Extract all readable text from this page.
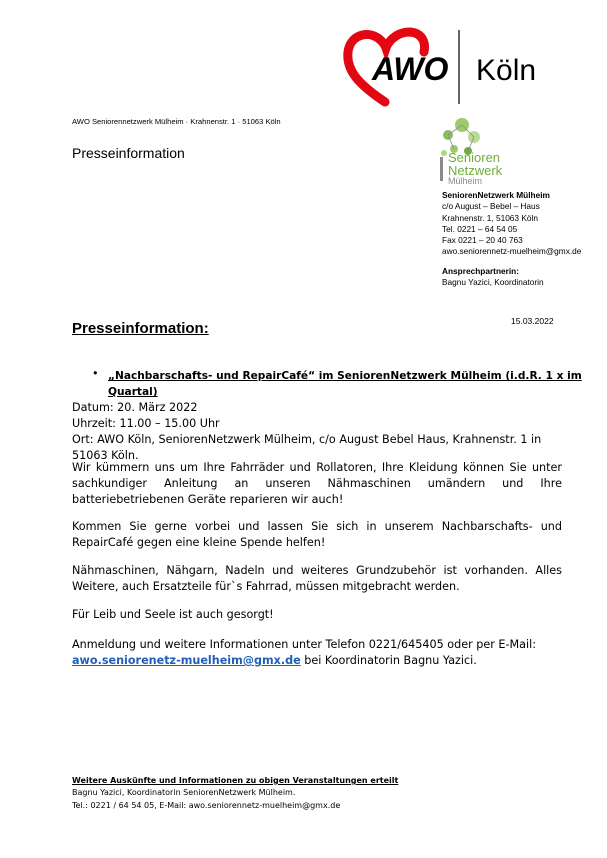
AWO Köln
AWO Seniorennetzwerk Mülheim · Krahnenstr. 1 · 51063 Köln
Presseinformation	Senioren
Netzwerk
Mülheim
SeniorenNetzwerk Mülheim
c/o August – Bebel – Haus
Krahnenstr. 1, 51063 Köln
Tel. 0221 – 64 54 05
Fax 0221 – 20 40 763
awo.seniorennetz-muelheim@gmx.de
Ansprechpartnerin:
Bagnu Yazici, Koordinatorin
15.03.2022
Presseinformation:
• „Nachbarschafts- und RepairCafé“ im SeniorenNetzwerk Mülheim (i.d.R. 1 x im Quartal)
Datum: 20. März 2022
Uhrzeit: 11.00 – 15.00 Uhr
Ort: AWO Köln, SeniorenNetzwerk Mülheim, c/o August Bebel Haus, Krahnenstr. 1 in 51063 Köln.
Wir kümmern uns um Ihre Fahrräder und Rollatoren, Ihre Kleidung können Sie unter sachkundiger Anleitung an unseren Nähmaschinen umändern und Ihre batteriebetriebenen Geräte reparieren wir auch!
Kommen Sie gerne vorbei und lassen Sie sich in unserem Nachbarschafts- und RepairCafé gegen eine kleine Spende helfen!
Nähmaschinen, Nähgarn, Nadeln und weiteres Grundzubehör ist vorhanden. Alles Weitere, auch Ersatzteile für`s Fahrrad, müssen mitgebracht werden.
Für Leib und Seele ist auch gesorgt!
Anmeldung und weitere Informationen unter Telefon 0221/645405 oder per E-Mail:
awo.seniorenetz-muelheim@gmx.de bei Koordinatorin Bagnu Yazici.
Weitere Auskünfte und Informationen zu obigen Veranstaltungen erteilt
Bagnu Yazici, Koordinatorin SeniorenNetzwerk Mülheim.
Tel.: 0221 / 64 54 05, E-Mail: awo.seniorennetz-muelheim@gmx.de
